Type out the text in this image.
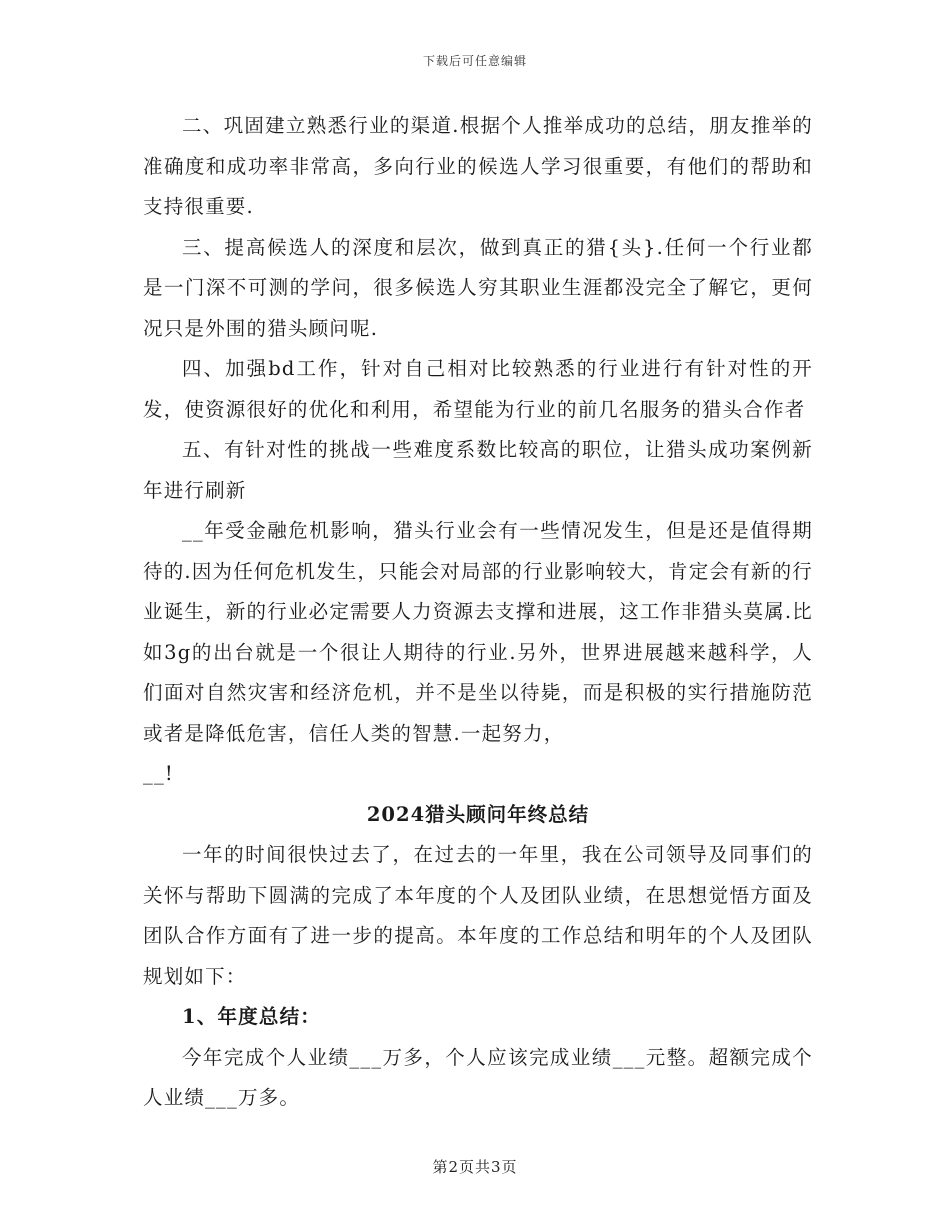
下载后可任意编辑

二、巩固建立熟悉行业的渠道.根据个人推举成功的总结，朋友推举的准确度和成功率非常高，多向行业的候选人学习很重要，有他们的帮助和支持很重要.

三、提高候选人的深度和层次，做到真正的猎{头}.任何一个行业都是一门深不可测的学问，很多候选人穷其职业生涯都没完全了解它，更何况只是外围的猎头顾问呢.

四、加强bd工作，针对自己相对比较熟悉的行业进行有针对性的开发，使资源很好的优化和利用，希望能为行业的前几名服务的猎头合作者

五、有针对性的挑战一些难度系数比较高的职位，让猎头成功案例新年进行刷新

__年受金融危机影响，猎头行业会有一些情况发生，但是还是值得期待的.因为任何危机发生，只能会对局部的行业影响较大，肯定会有新的行业诞生，新的行业必定需要人力资源去支撑和进展，这工作非猎头莫属.比如3g的出台就是一个很让人期待的行业.另外，世界进展越来越科学，人们面对自然灾害和经济危机，并不是坐以待毙，而是积极的实行措施防范或者是降低危害，信任人类的智慧.一起努力，

__!

2024猎头顾问年终总结

一年的时间很快过去了，在过去的一年里，我在公司领导及同事们的关怀与帮助下圆满的完成了本年度的个人及团队业绩，在思想觉悟方面及团队合作方面有了进一步的提高。本年度的工作总结和明年的个人及团队规划如下：

1、年度总结：

今年完成个人业绩___万多，个人应该完成业绩___元整。超额完成个人业绩___万多。

第2页共3页
